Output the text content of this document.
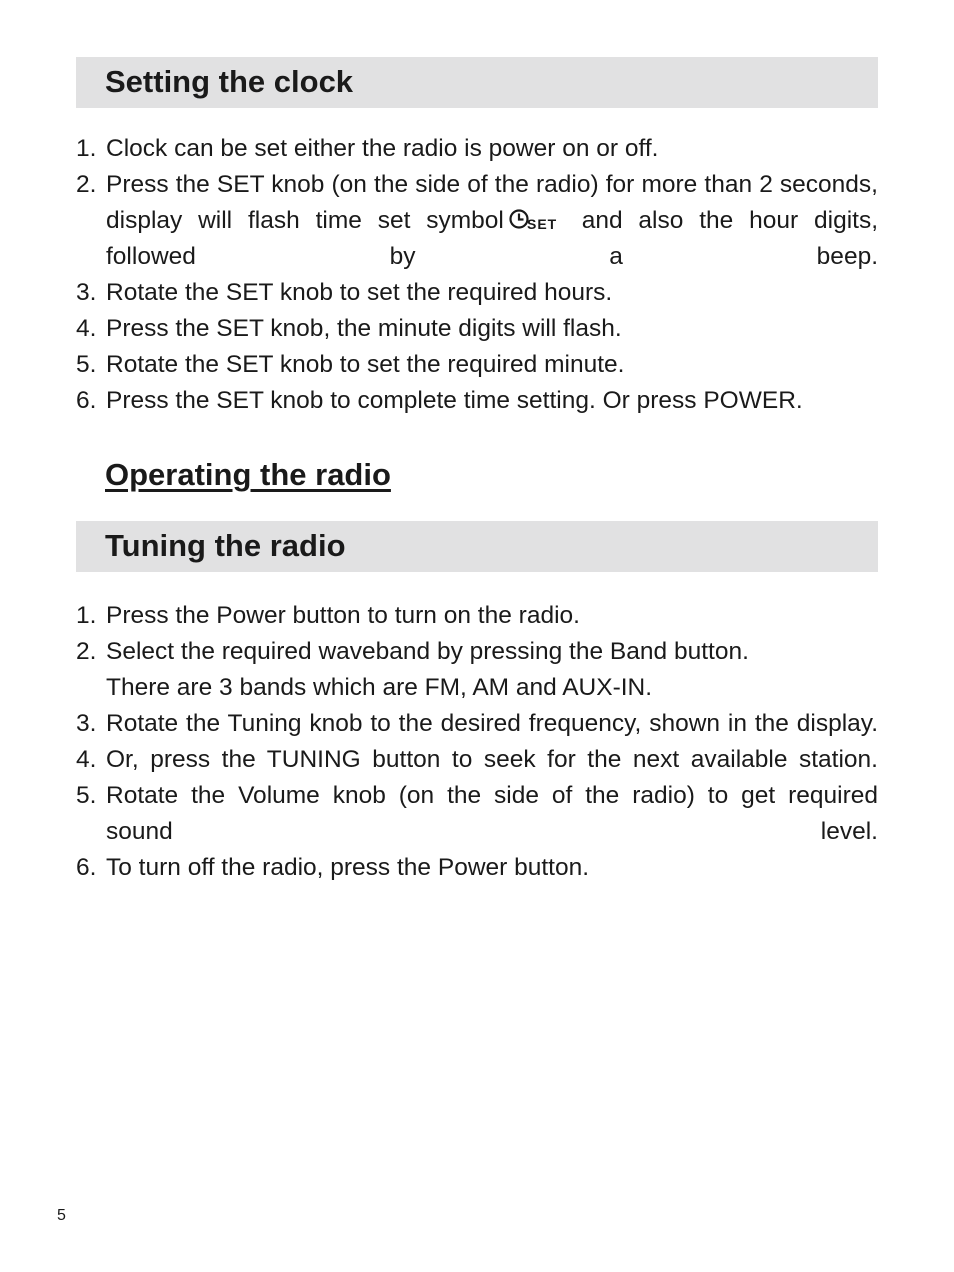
Setting the clock
1. Clock can be set either the radio is power on or off.
2. Press the SET knob (on the side of the radio) for more than 2 seconds, display will flash time set symbol SET and also the hour digits, followed by a beep.
3. Rotate the SET knob to set the required hours.
4. Press the SET knob, the minute digits will flash.
5. Rotate the SET knob to set the required minute.
6. Press the SET knob to complete time setting. Or press POWER.
Operating the radio
Tuning the radio
1. Press the Power button to turn on the radio.
2. Select the required waveband by pressing the Band button.
There are 3 bands which are FM, AM and AUX-IN.
3. Rotate the Tuning knob to the desired frequency, shown in the display.
4. Or, press the TUNING button to seek for the next available station.
5. Rotate the Volume knob (on the side of the radio) to get required sound level.
6. To turn off the radio, press the Power button.
5
